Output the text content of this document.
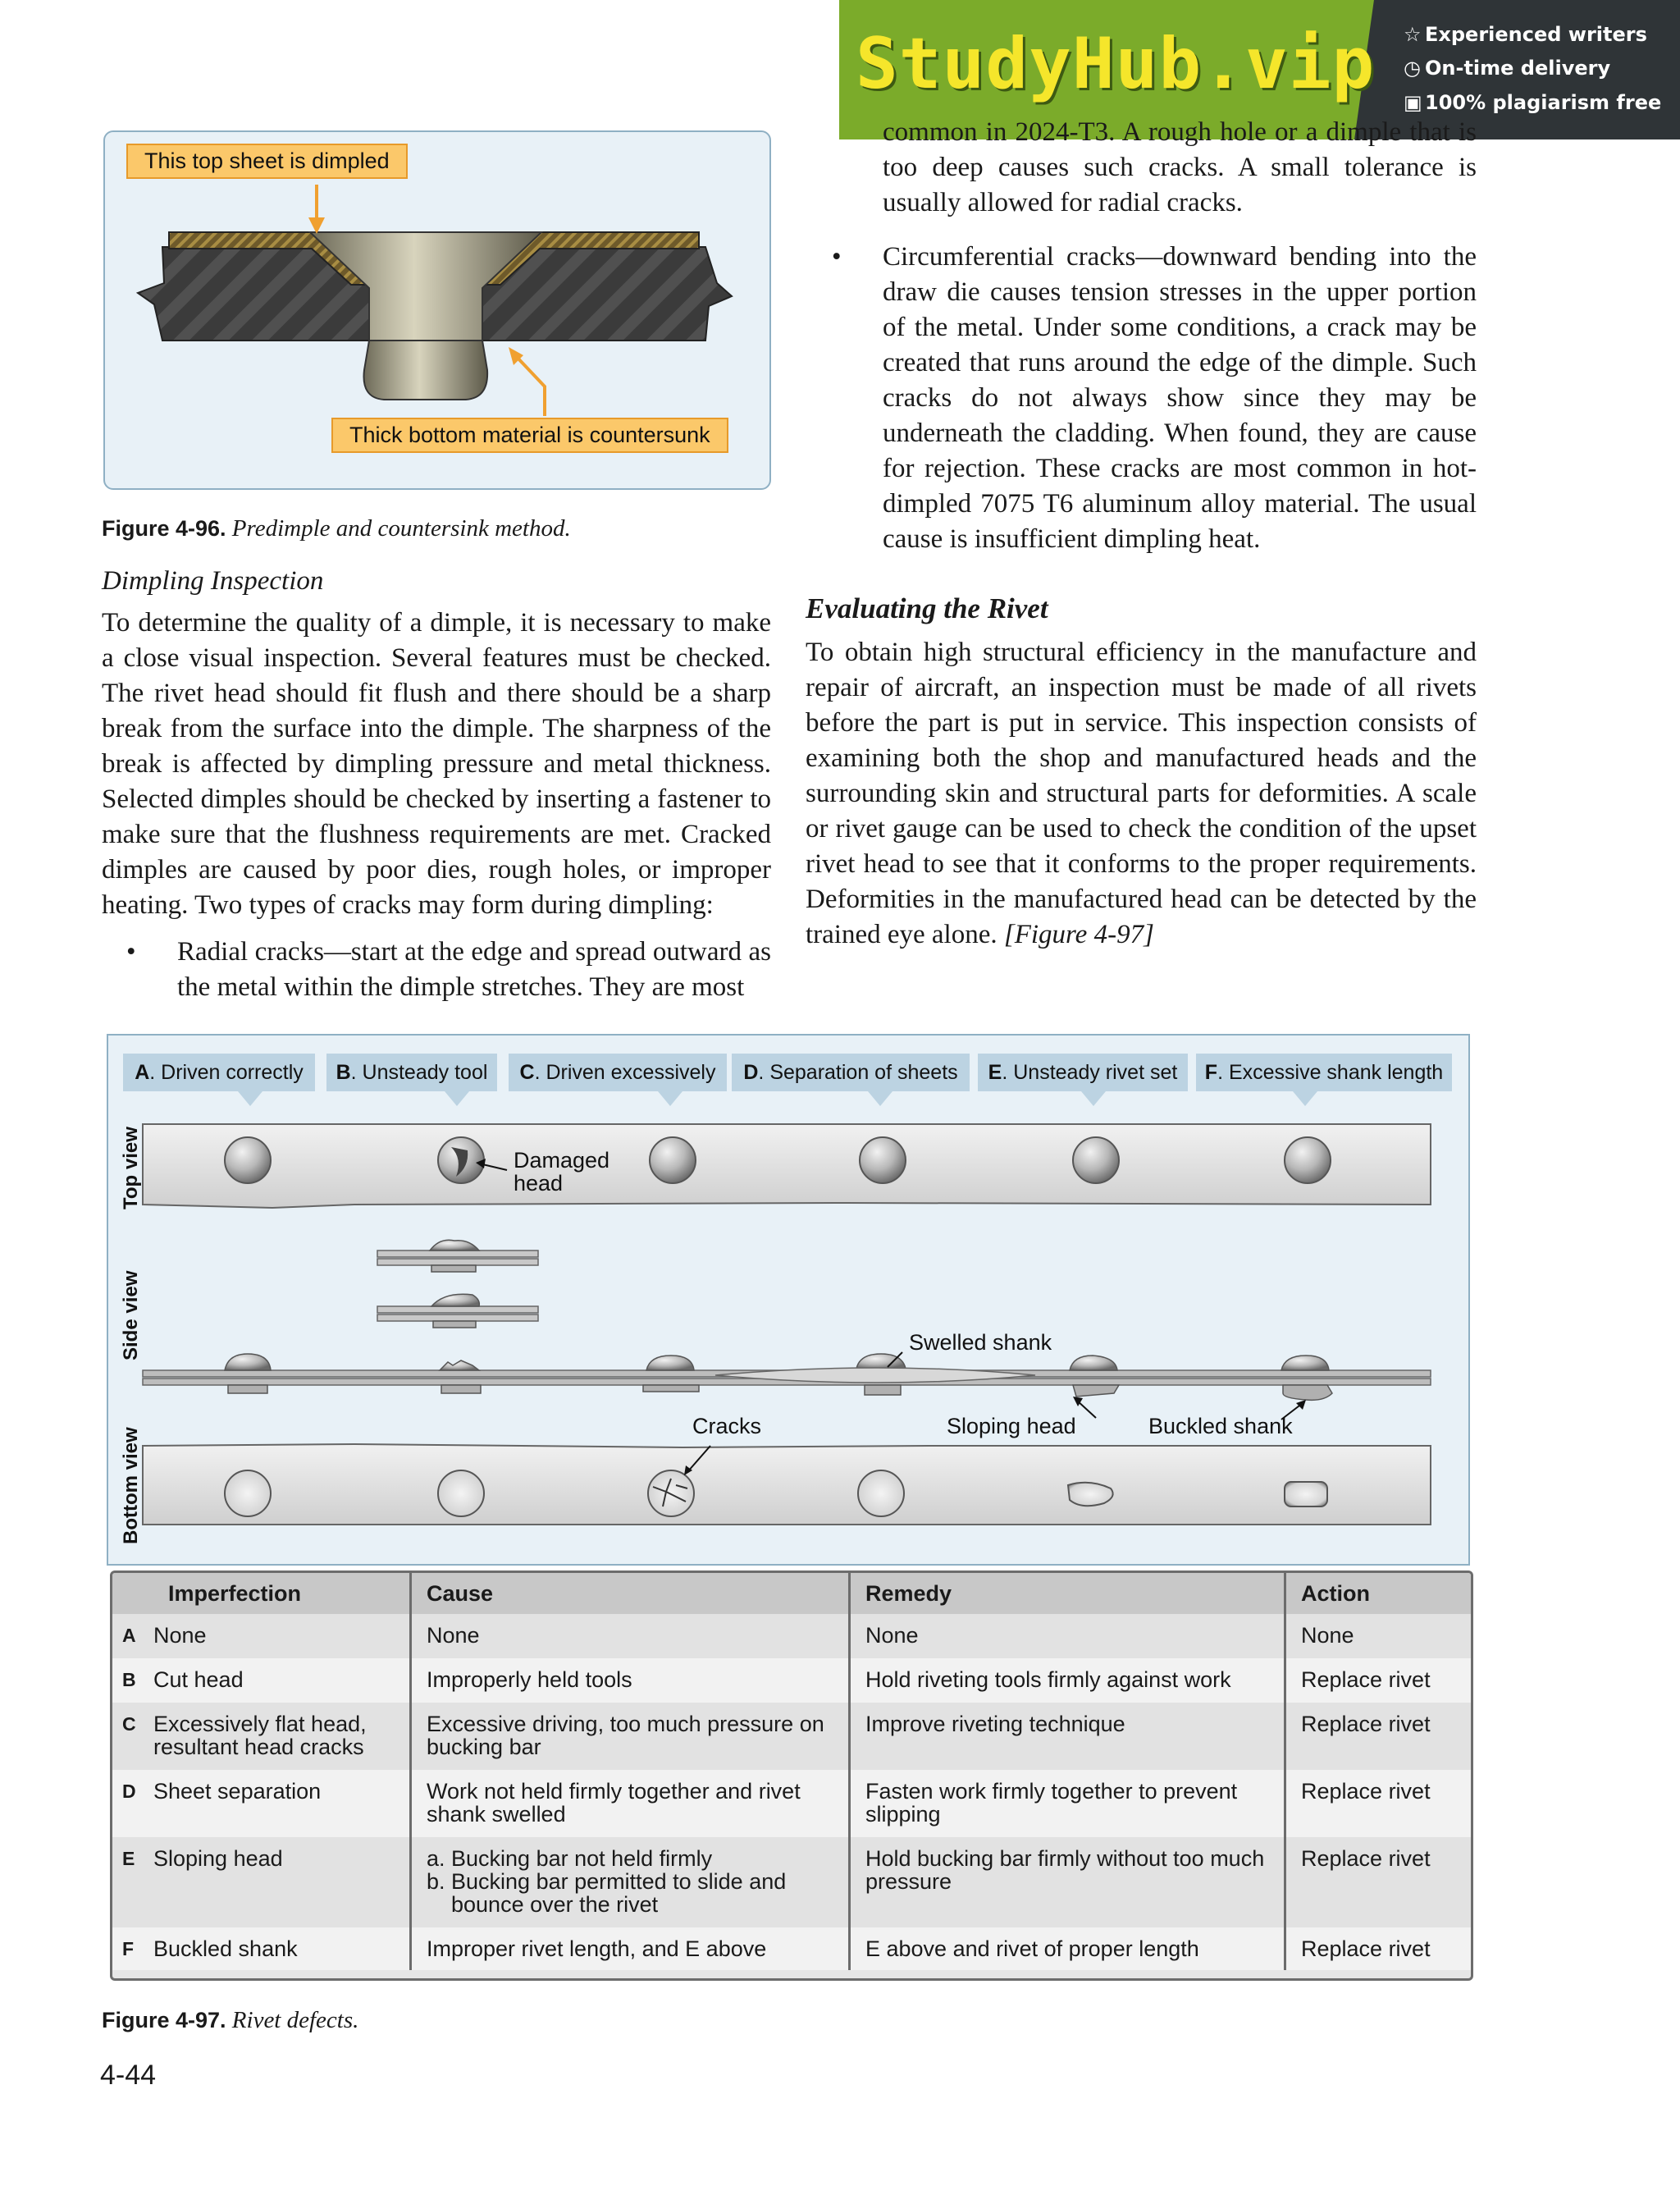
StudyHub.vip ☆ Experienced writers
◷ On-time delivery
▣ 100% plagiarism free
This top sheet is dimpled
Thick bottom material is countersunk
Figure 4-96. Predimple and countersink method.
Dimpling Inspection

To determine the quality of a dimple, it is necessary to make a close visual inspection. Several features must be checked. The rivet head should fit flush and there should be a sharp break from the surface into the dimple. The sharpness of the break is affected by dimpling pressure and metal thickness. Selected dimples should be checked by inserting a fastener to make sure that the flushness requirements are met. Cracked dimples are caused by poor dies, rough holes, or improper heating. Two types of cracks may form during dimpling:

• Radial cracks—start at the edge and spread outward as the metal within the dimple stretches. They are most

common in 2024-T3. A rough hole or a dimple that is too deep causes such cracks. A small tolerance is usually allowed for radial cracks.

• Circumferential cracks—downward bending into the draw die causes tension stresses in the upper portion of the metal. Under some conditions, a crack may be created that runs around the edge of the dimple. Such cracks do not always show since they may be underneath the cladding. When found, they are cause for rejection. These cracks are most common in hot-dimpled 7075 T6 aluminum alloy material. The usual cause is insufficient dimpling heat.
Evaluating the Rivet

To obtain high structural efficiency in the manufacture and repair of aircraft, an inspection must be made of all rivets before the part is put in service. This inspection consists of examining both the shop and manufactured heads and the surrounding skin and structural parts for deformities. A scale or rivet gauge can be used to check the condition of the upset rivet head to see that it conforms to the proper requirements. Deformities in the manufactured head can be detected by the trained eye alone. [Figure 4-97]

A . Driven correctly B . Unsteady tool C . Driven excessively D . Separation of sheets E . Unsteady rivet set F . Excessive shank length
Top view
Side view
Bottom view
Damaged
head
Swelled shank
Cracks	Sloping head	Buckled shank
	Imperfection	Cause	Remedy	Action
A	None	None	None	None
B	Cut head	Improperly held tools	Hold riveting tools firmly against work	Replace rivet
C	Excessively flat head, resultant head cracks	Excessive driving, too much pressure on bucking bar	Improve riveting technique	Replace rivet
D	Sheet separation	Work not held firmly together and rivet shank swelled	Fasten work firmly together to prevent slipping	Replace rivet
E	Sloping head	a. Bucking bar not held firmly
b. Bucking bar permitted to slide and
bounce over the rivet	Hold bucking bar firmly without too much pressure	Replace rivet
F	Buckled shank	Improper rivet length, and E above	E above and rivet of proper length	Replace rivet
Figure 4-97. Rivet defects.
4-44
